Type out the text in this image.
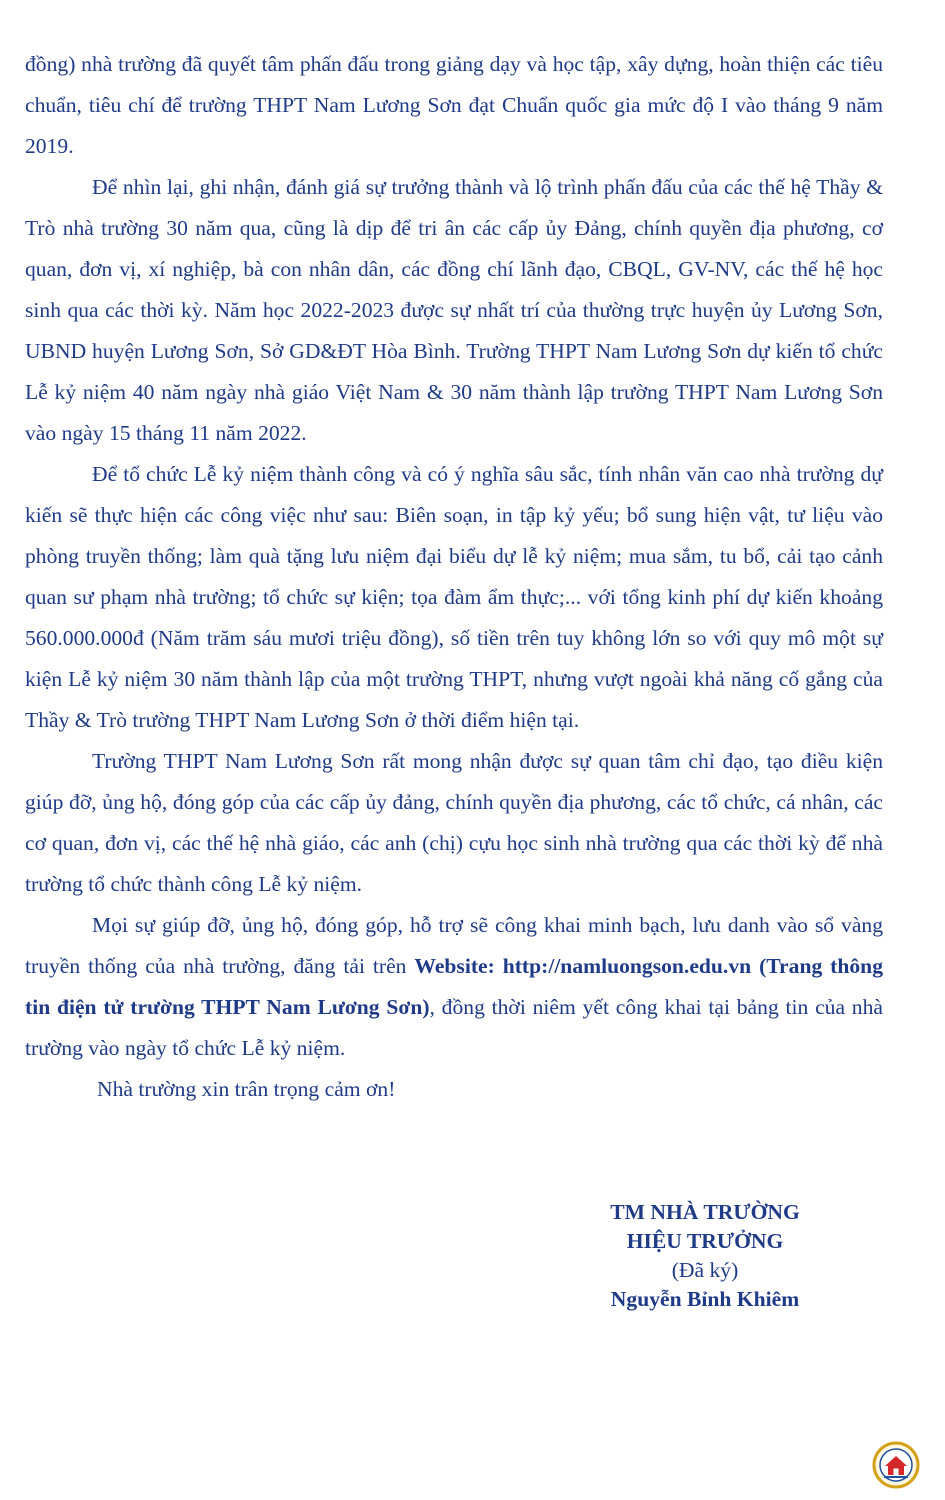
đồng) nhà trường đã quyết tâm phấn đấu trong giảng dạy và học tập, xây dựng, hoàn thiện các tiêu chuẩn, tiêu chí để trường THPT Nam Lương Sơn đạt Chuẩn quốc gia mức độ I vào tháng 9 năm 2019.

Để nhìn lại, ghi nhận, đánh giá sự trưởng thành và lộ trình phấn đấu của các thế hệ Thầy & Trò nhà trường 30 năm qua, cũng là dịp để tri ân các cấp ủy Đảng, chính quyền địa phương, cơ quan, đơn vị, xí nghiệp, bà con nhân dân, các đồng chí lãnh đạo, CBQL, GV-NV, các thế hệ học sinh qua các thời kỳ. Năm học 2022-2023 được sự nhất trí của thường trực huyện ủy Lương Sơn, UBND huyện Lương Sơn, Sở GD&ĐT Hòa Bình. Trường THPT Nam Lương Sơn dự kiến tổ chức Lễ kỷ niệm 40 năm ngày nhà giáo Việt Nam & 30 năm thành lập trường THPT Nam Lương Sơn vào ngày 15 tháng 11 năm 2022.

Để tổ chức Lễ kỷ niệm thành công và có ý nghĩa sâu sắc, tính nhân văn cao nhà trường dự kiến sẽ thực hiện các công việc như sau: Biên soạn, in tập kỷ yếu; bổ sung hiện vật, tư liệu vào phòng truyền thống; làm quà tặng lưu niệm đại biểu dự lễ kỷ niệm; mua sắm, tu bổ, cải tạo cảnh quan sư phạm nhà trường; tổ chức sự kiện; tọa đàm ẩm thực;... với tổng kinh phí dự kiến khoảng 560.000.000đ (Năm trăm sáu mươi triệu đồng), số tiền trên tuy không lớn so với quy mô một sự kiện Lễ kỷ niệm 30 năm thành lập của một trường THPT, nhưng vượt ngoài khả năng cố gắng của Thầy & Trò trường THPT Nam Lương Sơn ở thời điểm hiện tại.

Trường THPT Nam Lương Sơn rất mong nhận được sự quan tâm chỉ đạo, tạo điều kiện giúp đỡ, ủng hộ, đóng góp của các cấp ủy đảng, chính quyền địa phương, các tổ chức, cá nhân, các cơ quan, đơn vị, các thế hệ nhà giáo, các anh (chị) cựu học sinh nhà trường qua các thời kỳ để nhà trường tổ chức thành công Lễ kỷ niệm.

Mọi sự giúp đỡ, ủng hộ, đóng góp, hỗ trợ sẽ công khai minh bạch, lưu danh vào sổ vàng truyền thống của nhà trường, đăng tải trên Website: http://namluongson.edu.vn (Trang thông tin điện tử trường THPT Nam Lương Sơn), đồng thời niêm yết công khai tại bảng tin của nhà trường vào ngày tổ chức Lễ kỷ niệm.

Nhà trường xin trân trọng cảm ơn!

TM NHÀ TRƯỜNG
HIỆU TRƯỞNG
(Đã ký)
Nguyễn Bỉnh Khiêm
